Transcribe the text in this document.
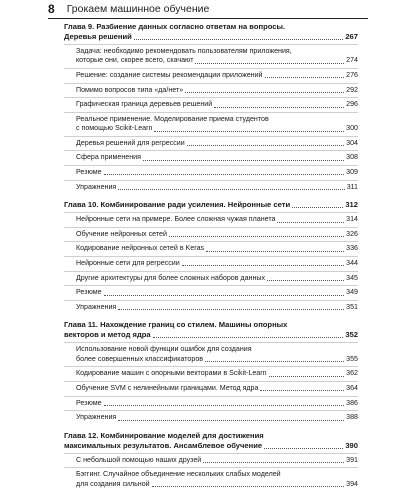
8 Грокаем машинное обучение
Глава 9. Разбиение данных согласно ответам на вопросы.
Деревья решений	267
Задача: необходимо рекомендовать пользователям приложения,
которые они, скорее всего, скачают	274
Решение: создание системы рекомендации приложений	276
Помимо вопросов типа «да/нет»	292
Графическая граница деревьев решений	296
Реальное применение. Моделирование приема студентов
с помощью Scikit-Learn	300
Деревья решений для регрессии	304
Сфера применения	308
Резюме	309
Упражнения	311
Глава 10. Комбинирование ради усиления. Нейронные сети	312
Нейронные сети на примере. Более сложная чужая планета	314
Обучение нейронных сетей	326
Кодирование нейронных сетей в Keras	336
Нейронные сети для регрессии	344
Другие архитектуры для более сложных наборов данных	345
Резюме	349
Упражнения	351
Глава 11. Нахождение границ со стилем. Машины опорных
векторов и метод ядра	352
Использование новой функции ошибок для создания
более совершенных классификаторов	355
Кодирование машин с опорными векторами в Scikit-Learn	362
Обучение SVM с нелинейными границами. Метод ядра	364
Резюме	386
Упражнения	388
Глава 12. Комбинирование моделей для достижения
максимальных результатов. Ансамблевое обучение	390
С небольшой помощью наших друзей	391
Бэггинг. Случайное объединение нескольких слабых моделей
для создания сильной	394
